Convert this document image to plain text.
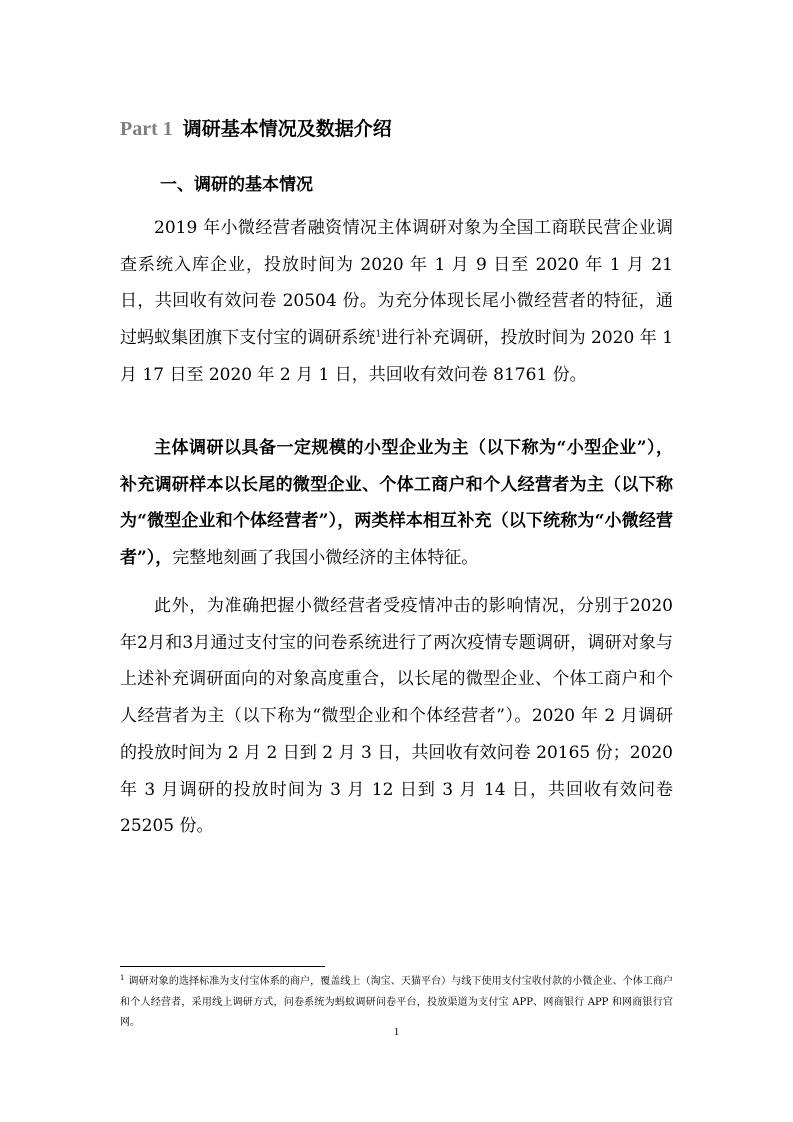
Part 1 调研基本情况及数据介绍
一、调研的基本情况

2019 年小微经营者融资情况主体调研对象为全国工商联民营企业调查系统入库企业，投放时间为 2020 年 1 月 9 日至 2020 年 1 月 21 日，共回收有效问卷 20504 份。为充分体现长尾小微经营者的特征，通过蚂蚁集团旗下支付宝的调研系统$^1$进行补充调研，投放时间为 2020 年 1 月 17 日至 2020 年 2 月 1 日，共回收有效问卷 81761 份。

主体调研以具备一定规模的小型企业为主（以下称为“小型企业”），补充调研样本以长尾的微型企业、个体工商户和个人经营者为主（以下称为“微型企业和个体经营者”），两类样本相互补充（以下统称为“小微经营者”），完整地刻画了我国小微经济的主体特征。

此外，为准确把握小微经营者受疫情冲击的影响情况，分别于2020年2月和3月通过支付宝的问卷系统进行了两次疫情专题调研，调研对象与上述补充调研面向的对象高度重合，以长尾的微型企业、个体工商户和个人经营者为主（以下称为“微型企业和个体经营者”）。2020 年 2 月调研的投放时间为 2 月 2 日到 2 月 3 日，共回收有效问卷 20165 份；2020 年 3 月调研的投放时间为 3 月 12 日到 3 月 14 日，共回收有效问卷 25205 份。

$^1$ 调研对象的选择标准为支付宝体系的商户，覆盖线上（淘宝、天猫平台）与线下使用支付宝收付款的小微企业、个体工商户和个人经营者，采用线上调研方式，问卷系统为蚂蚁调研问卷平台，投放渠道为支付宝 APP、网商银行 APP 和网商银行官网。

1
